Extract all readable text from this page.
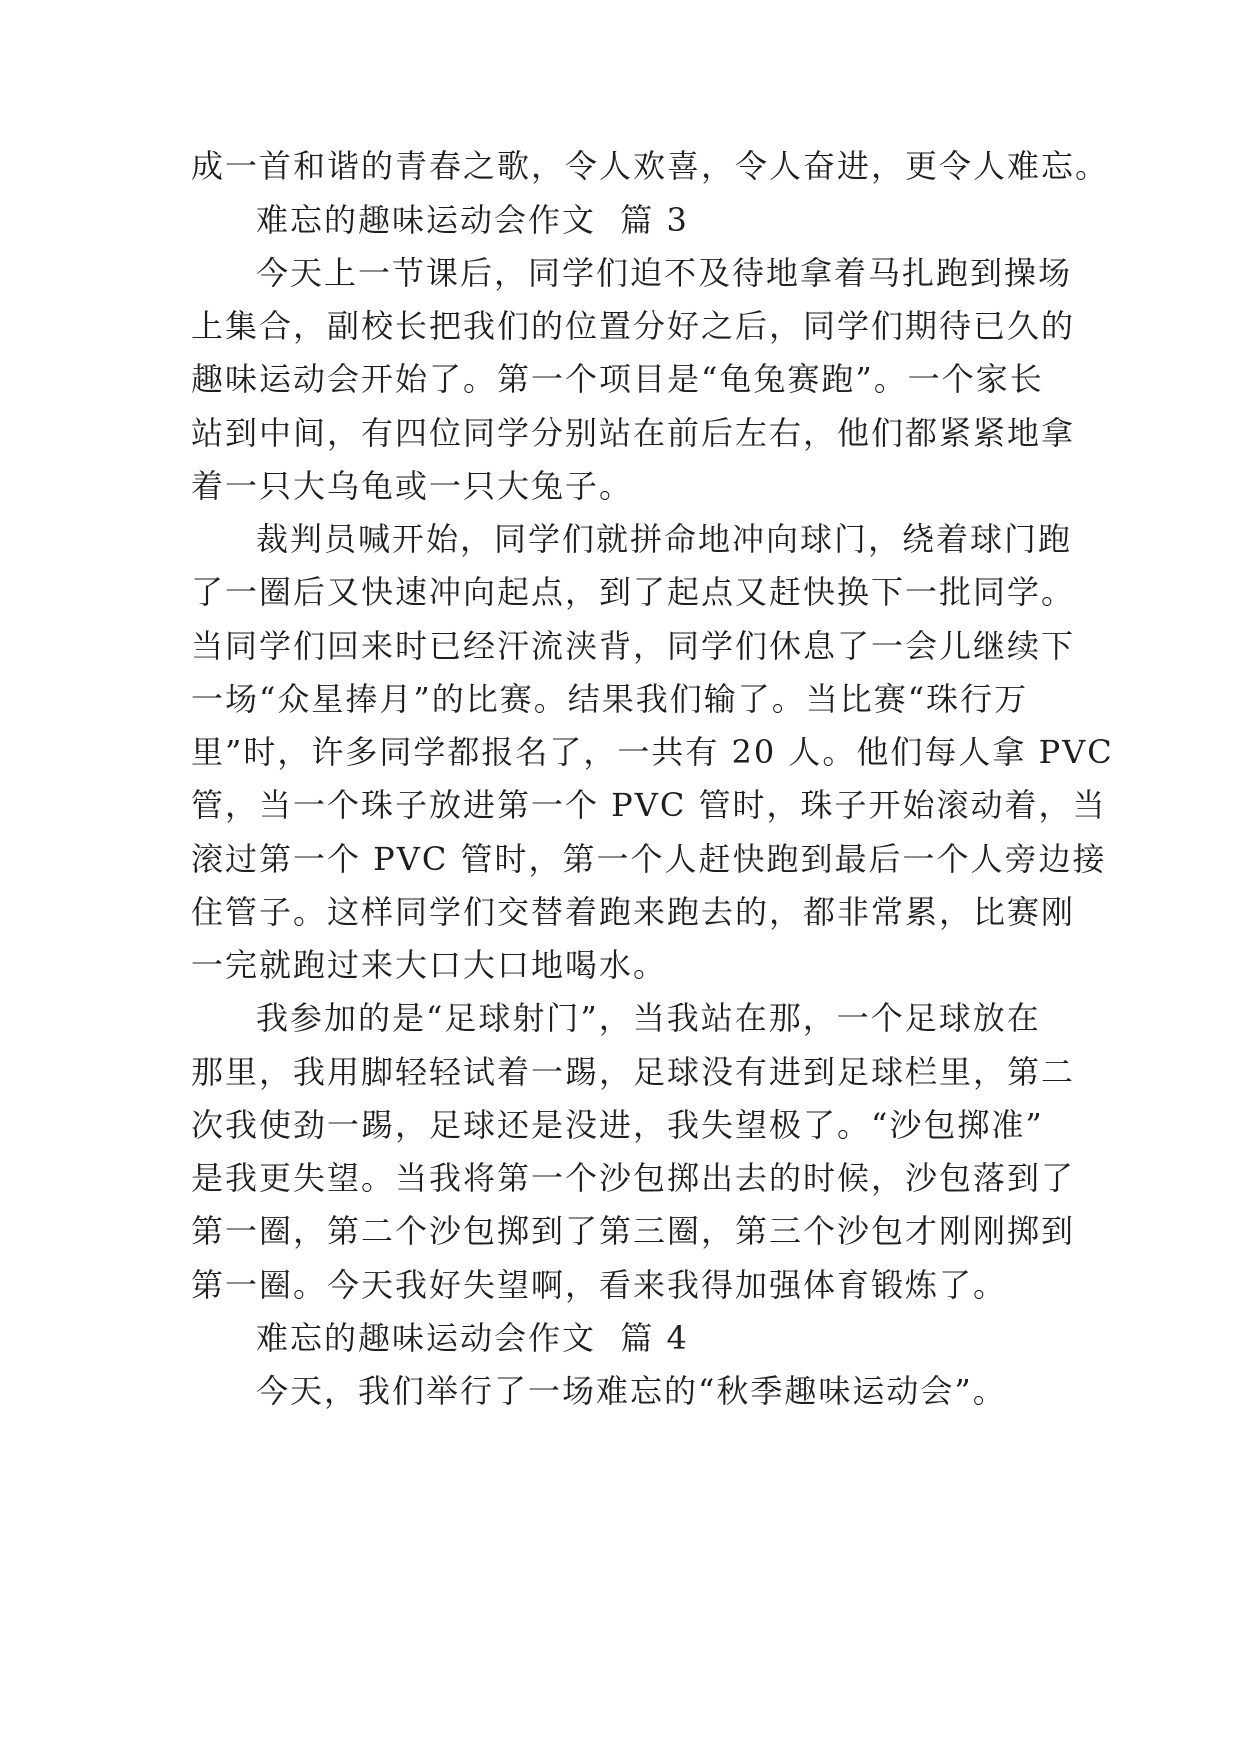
成一首和谐的青春之歌，令人欢喜，令人奋进，更令人难忘。
难忘的趣味运动会作文  篇 3
今天上一节课后，同学们迫不及待地拿着马扎跑到操场
上集合，副校长把我们的位置分好之后，同学们期待已久的
趣味运动会开始了。第一个项目是“龟兔赛跑”。一个家长
站到中间，有四位同学分别站在前后左右，他们都紧紧地拿
着一只大乌龟或一只大兔子。
裁判员喊开始，同学们就拼命地冲向球门，绕着球门跑
了一圈后又快速冲向起点，到了起点又赶快换下一批同学。
当同学们回来时已经汗流浃背，同学们休息了一会儿继续下
一场“众星捧月”的比赛。结果我们输了。当比赛“珠行万
里”时，许多同学都报名了，一共有 20 人。他们每人拿 PVC
管，当一个珠子放进第一个 PVC 管时，珠子开始滚动着，当
滚过第一个 PVC 管时，第一个人赶快跑到最后一个人旁边接
住管子。这样同学们交替着跑来跑去的，都非常累，比赛刚
一完就跑过来大口大口地喝水。
我参加的是“足球射门”，当我站在那，一个足球放在
那里，我用脚轻轻试着一踢，足球没有进到足球栏里，第二
次我使劲一踢，足球还是没进，我失望极了。“沙包掷准”
是我更失望。当我将第一个沙包掷出去的时候，沙包落到了
第一圈，第二个沙包掷到了第三圈，第三个沙包才刚刚掷到
第一圈。今天我好失望啊，看来我得加强体育锻炼了。
难忘的趣味运动会作文  篇 4
今天，我们举行了一场难忘的“秋季趣味运动会”。
